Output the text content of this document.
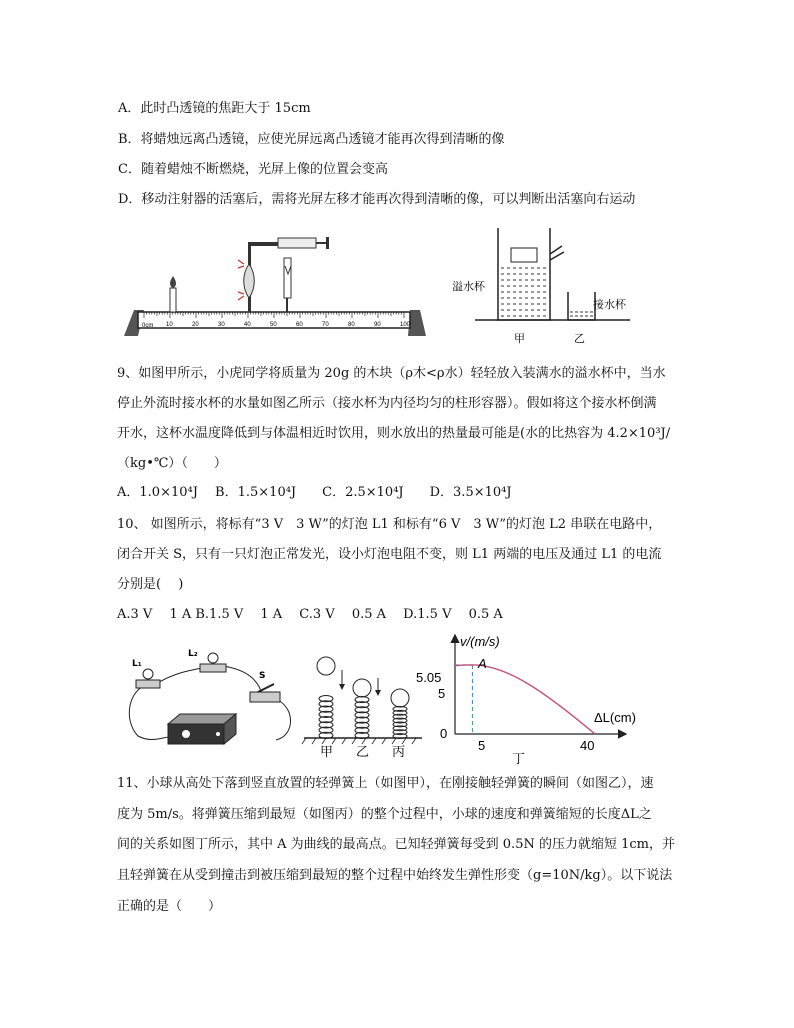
A．此时凸透镜的焦距大于 15cm
B．将蜡烛远离凸透镜，应使光屏远离凸透镜才能再次得到清晰的像
C．随着蜡烛不断燃烧，光屏上像的位置会变高
D．移动注射器的活塞后，需将光屏左移才能再次得到清晰的像，可以判断出活塞向右运动
0cm 10	20	30	40	50	60	70	80	90	100
溢水杯
接水杯
甲	乙
9、如图甲所示，小虎同学将质量为 20g 的木块（ρ木<ρ水）轻轻放入装满水的溢水杯中，当水
停止外流时接水杯的水量如图乙所示（接水杯为内径均匀的柱形容器）。假如将这个接水杯倒满
开水，这杯水温度降低到与体温相近时饮用，则水放出的热量最可能是(水的比热容为 4.2×10³J/
（kg•℃）（　　）
A．1.0×10⁴J　 B．1.5×10⁴J　　C．2.5×10⁴J　　D．3.5×10⁴J
10、 如图所示，将标有“3 V　3 W”的灯泡 L1 和标有“6 V　3 W”的灯泡 L2 串联在电路中，
闭合开关 S，只有一只灯泡正常发光，设小灯泡电阻不变，则 L1 两端的电压及通过 L1 的电流
分别是(　 )
A.3 V　 1 A B.1.5 V　 1 A　 C.3 V　 0.5 A　 D.1.5 V　 0.5 A
L₁
L₂
S
甲 乙 丙
v/(m/s)
ΔL(cm)
5.05
5
0
5	40
A
丁
11、小球从高处下落到竖直放置的轻弹簧上（如图甲），在刚接触轻弹簧的瞬间（如图乙），速
度为 5m/s。将弹簧压缩到最短（如图丙）的整个过程中，小球的速度和弹簧缩短的长度ΔL之
间的关系如图丁所示，其中 A 为曲线的最高点。已知轻弹簧每受到 0.5N 的压力就缩短 1cm，并
且轻弹簧在从受到撞击到被压缩到最短的整个过程中始终发生弹性形变（g=10N/kg）。以下说法
正确的是（　　）
